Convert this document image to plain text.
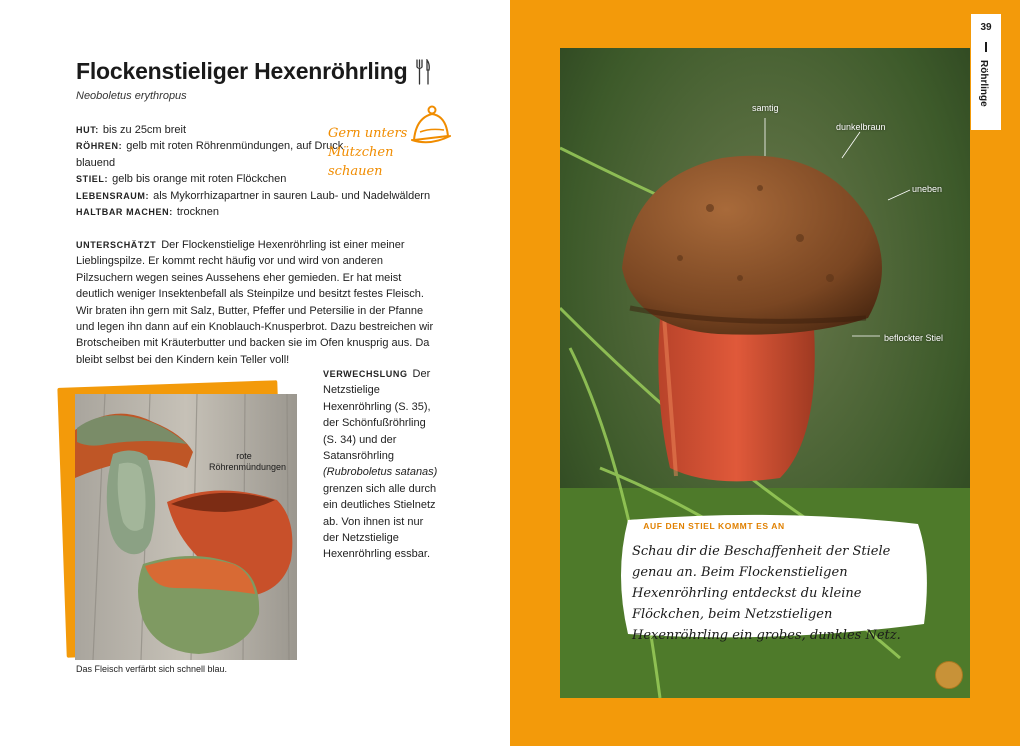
Flockenstieliger Hexenröhrling
Neoboletus erythropus
HUT: bis zu 25cm breit
RÖHREN: gelb mit roten Röhrenmündungen, auf Druck blauend
STIEL: gelb bis orange mit roten Flöckchen
LEBENSRAUM: als Mykorrhizapartner in sauren Laub- und Nadelwäldern
HALTBAR MACHEN: trocknen
Gern unters Mützchen schauen

UNTERSCHÄTZT Der Flockenstielige Hexenröhrling ist einer meiner Lieblingspilze. Er kommt recht häufig vor und wird von anderen Pilzsuchern wegen seines Aussehens eher gemieden. Er hat meist deutlich weniger Insektenbefall als Steinpilze und besitzt festes Fleisch. Wir braten ihn gern mit Salz, Butter, Pfeffer und Petersilie in der Pfanne und legen ihn dann auf ein Knoblauch-Knusperbrot. Dazu bestreichen wir Brotscheiben mit Kräuterbutter und backen sie im Ofen knusprig aus. Da bleibt selbst bei den Kindern kein Teller voll!

VERWECHSLUNG Der Netzstielige Hexenröhrling (S. 35), der Schönfußröhrling (S. 34) und der Satansröhrling (Rubroboletus satanas) grenzen sich alle durch ein deutliches Stielnetz ab. Von ihnen ist nur der Netzstielige Hexenröhrling essbar.

rote Röhrenmündungen
Das Fleisch verfärbt sich schnell blau.
39
Röhrlinge
samtig
dunkelbraun
uneben
beflockter Stiel
AUF DEN STIEL KOMMT ES AN
Schau dir die Beschaffenheit der Stiele genau an. Beim Flockenstieligen Hexenröhrling entdeckst du kleine Flöckchen, beim Netzstieligen Hexenröhrling ein grobes, dunkles Netz.
